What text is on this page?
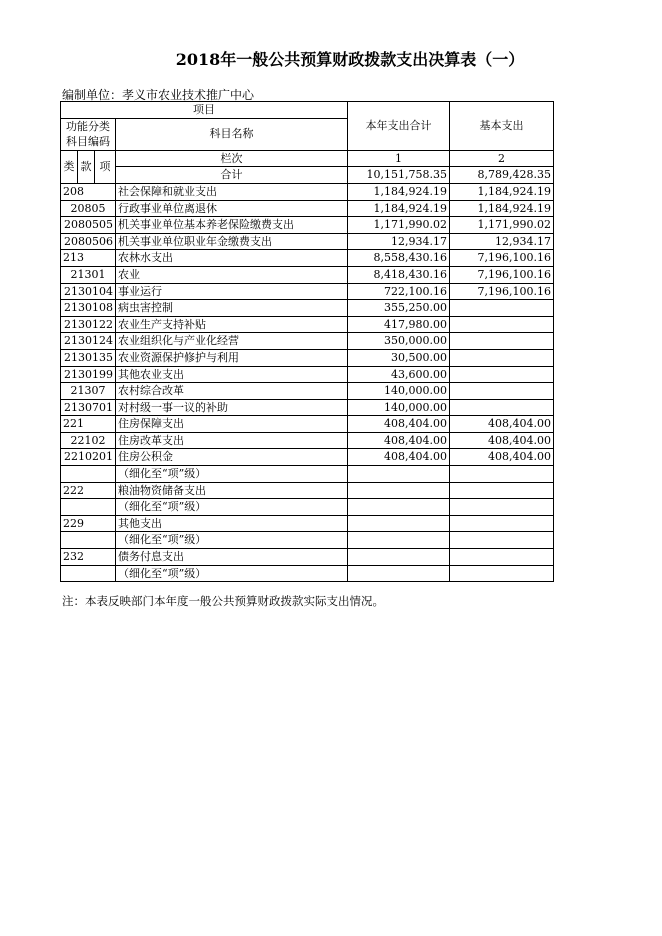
2018年一般公共预算财政拨款支出决算表（一）
编制单位：孝义市农业技术推广中心
项目				本年支出合计	基本支出

功能分类
科目编码			科目名称		

类	款	项	栏次	1	2
			合计	10,151,758.35	8,789,428.35
208			社会保障和就业支出	1,184,924.19	1,184,924.19
20805			行政事业单位离退休	1,184,924.19	1,184,924.19
2080505			机关事业单位基本养老保险缴费支出	1,171,990.02	1,171,990.02
2080506			机关事业单位职业年金缴费支出	12,934.17	12,934.17
213			农林水支出	8,558,430.16	7,196,100.16
21301			农业	8,418,430.16	7,196,100.16
2130104			事业运行	722,100.16	7,196,100.16
2130108			病虫害控制	355,250.00	
2130122			农业生产支持补贴	417,980.00	
2130124			农业组织化与产业化经营	350,000.00	
2130135			农业资源保护修护与利用	30,500.00	
2130199			其他农业支出	43,600.00	
21307			农村综合改革	140,000.00	
2130701			对村级一事一议的补助	140,000.00	
221			住房保障支出	408,404.00	408,404.00
22102			住房改革支出	408,404.00	408,404.00
2210201			住房公积金	408,404.00	408,404.00
			（细化至“项”级）		
222			粮油物资储备支出		
			（细化至“项”级）		
229			其他支出		
			（细化至“项”级）		
232			债务付息支出		
			（细化至“项”级）		
注：本表反映部门本年度一般公共预算财政拨款实际支出情况。
